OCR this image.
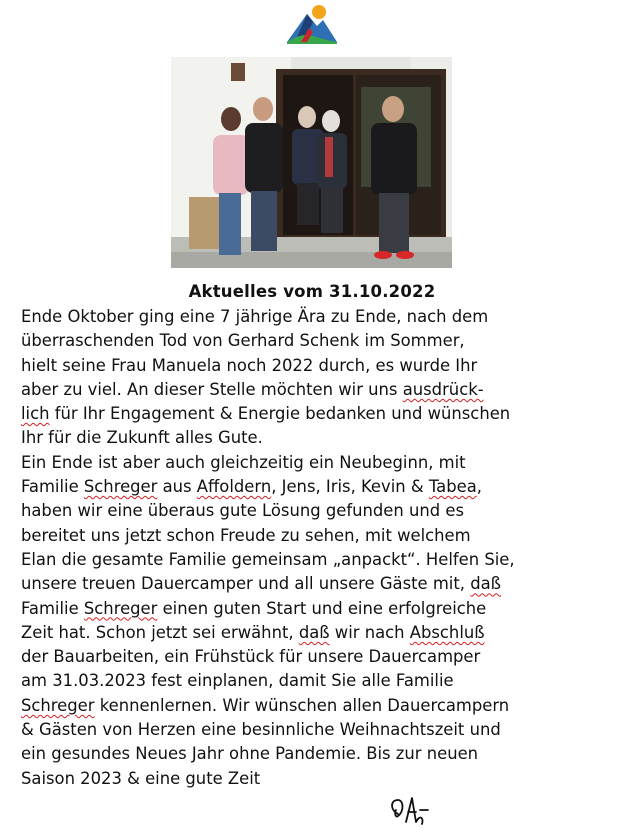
Aktuelles vom 31.10.2022
Ende Oktober ging eine 7 jährige Ära zu Ende, nach dem
überraschenden Tod von Gerhard Schenk im Sommer,
hielt seine Frau Manuela noch 2022 durch, es wurde Ihr
aber zu viel. An dieser Stelle möchten wir uns ausdrück-
lich für Ihr Engagement & Energie bedanken und wünschen
Ihr für die Zukunft alles Gute.
Ein Ende ist aber auch gleichzeitig ein Neubeginn, mit
Familie Schreger aus Affoldern, Jens, Iris, Kevin & Tabea,
haben wir eine überaus gute Lösung gefunden und es
bereitet uns jetzt schon Freude zu sehen, mit welchem
Elan die gesamte Familie gemeinsam „anpackt“. Helfen Sie,
unsere treuen Dauercamper und all unsere Gäste mit, daß
Familie Schreger einen guten Start und eine erfolgreiche
Zeit hat. Schon jetzt sei erwähnt, daß wir nach Abschluß
der Bauarbeiten, ein Frühstück für unsere Dauercamper
am 31.03.2023 fest einplanen, damit Sie alle Familie
Schreger kennenlernen. Wir wünschen allen Dauercampern
& Gästen von Herzen eine besinnliche Weihnachtszeit und
ein gesundes Neues Jahr ohne Pandemie. Bis zur neuen
Saison 2023 & eine gute Zeit
